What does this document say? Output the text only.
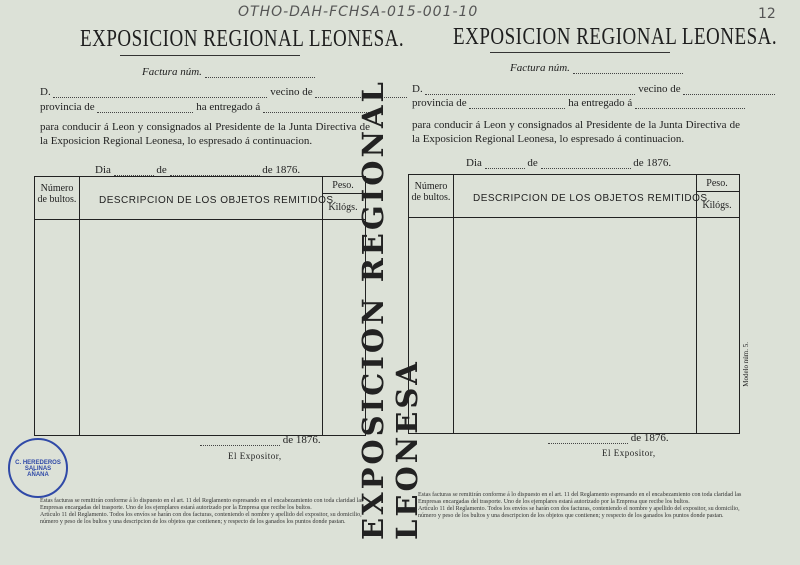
OTHO-DAH-FCHSA-015-001-10	12
EXPOSICION REGIONAL LEONESA.
Factura núm.
D.	vecino de
provincia de	ha entregado á
para conducir á Leon y consignados al Presidente de la Junta Directiva de la Exposicion Regional Leonesa, lo espresado á continuacion.
Dia	de	de 1876.
Número de bultos. DESCRIPCION DE LOS OBJETOS REMITIDOS.
Peso.
Kilógs.
de 1876.
El Expositor,
Estas facturas se remitirán conforme á lo dispuesto en el art. 11 del Reglamento espresando en el encabezamiento con toda claridad las Empresas encargadas del trasporte. Uno de los ejemplares estará autorizado por la Empresa que recibe los bultos.
Artículo 11 del Reglamento. Todos los envíos se harán con dos facturas, conteniendo el nombre y apellido del expositor, su domicilio, número y peso de los bultos y una descripcion de los objetos que contienen; y respecto de los ganados los puntos donde pastan. EXPOSICION REGIONAL LEONESA
EXPOSICION REGIONAL LEONESA.
Factura núm.
D.	vecino de
provincia de	ha entregado á
para conducir á Leon y consignados al Presidente de la Junta Directiva de la Exposicion Regional Leonesa, lo espresado á continuacion.
Dia	de	de 1876.
Número de bultos. DESCRIPCION DE LOS OBJETOS REMITIDOS.
Peso.
Kilógs.
de 1876.
El Expositor,
Estas facturas se remitirán conforme á lo dispuesto en el art. 11 del Reglamento espresando en el encabezamiento con toda claridad las Empresas encargadas del trasporte. Uno de los ejemplares estará autorizado por la Empresa que recibe los bultos.
Artículo 11 del Reglamento. Todos los envíos se harán con dos facturas, conteniendo el nombre y apellido del expositor, su domicilio, número y peso de los bultos y una descripcion de los objetos que contienen; y respecto de los ganados los puntos donde pastan.
Modelo núm. 5.
C. HEREDEROS SALINAS
AÑANA
